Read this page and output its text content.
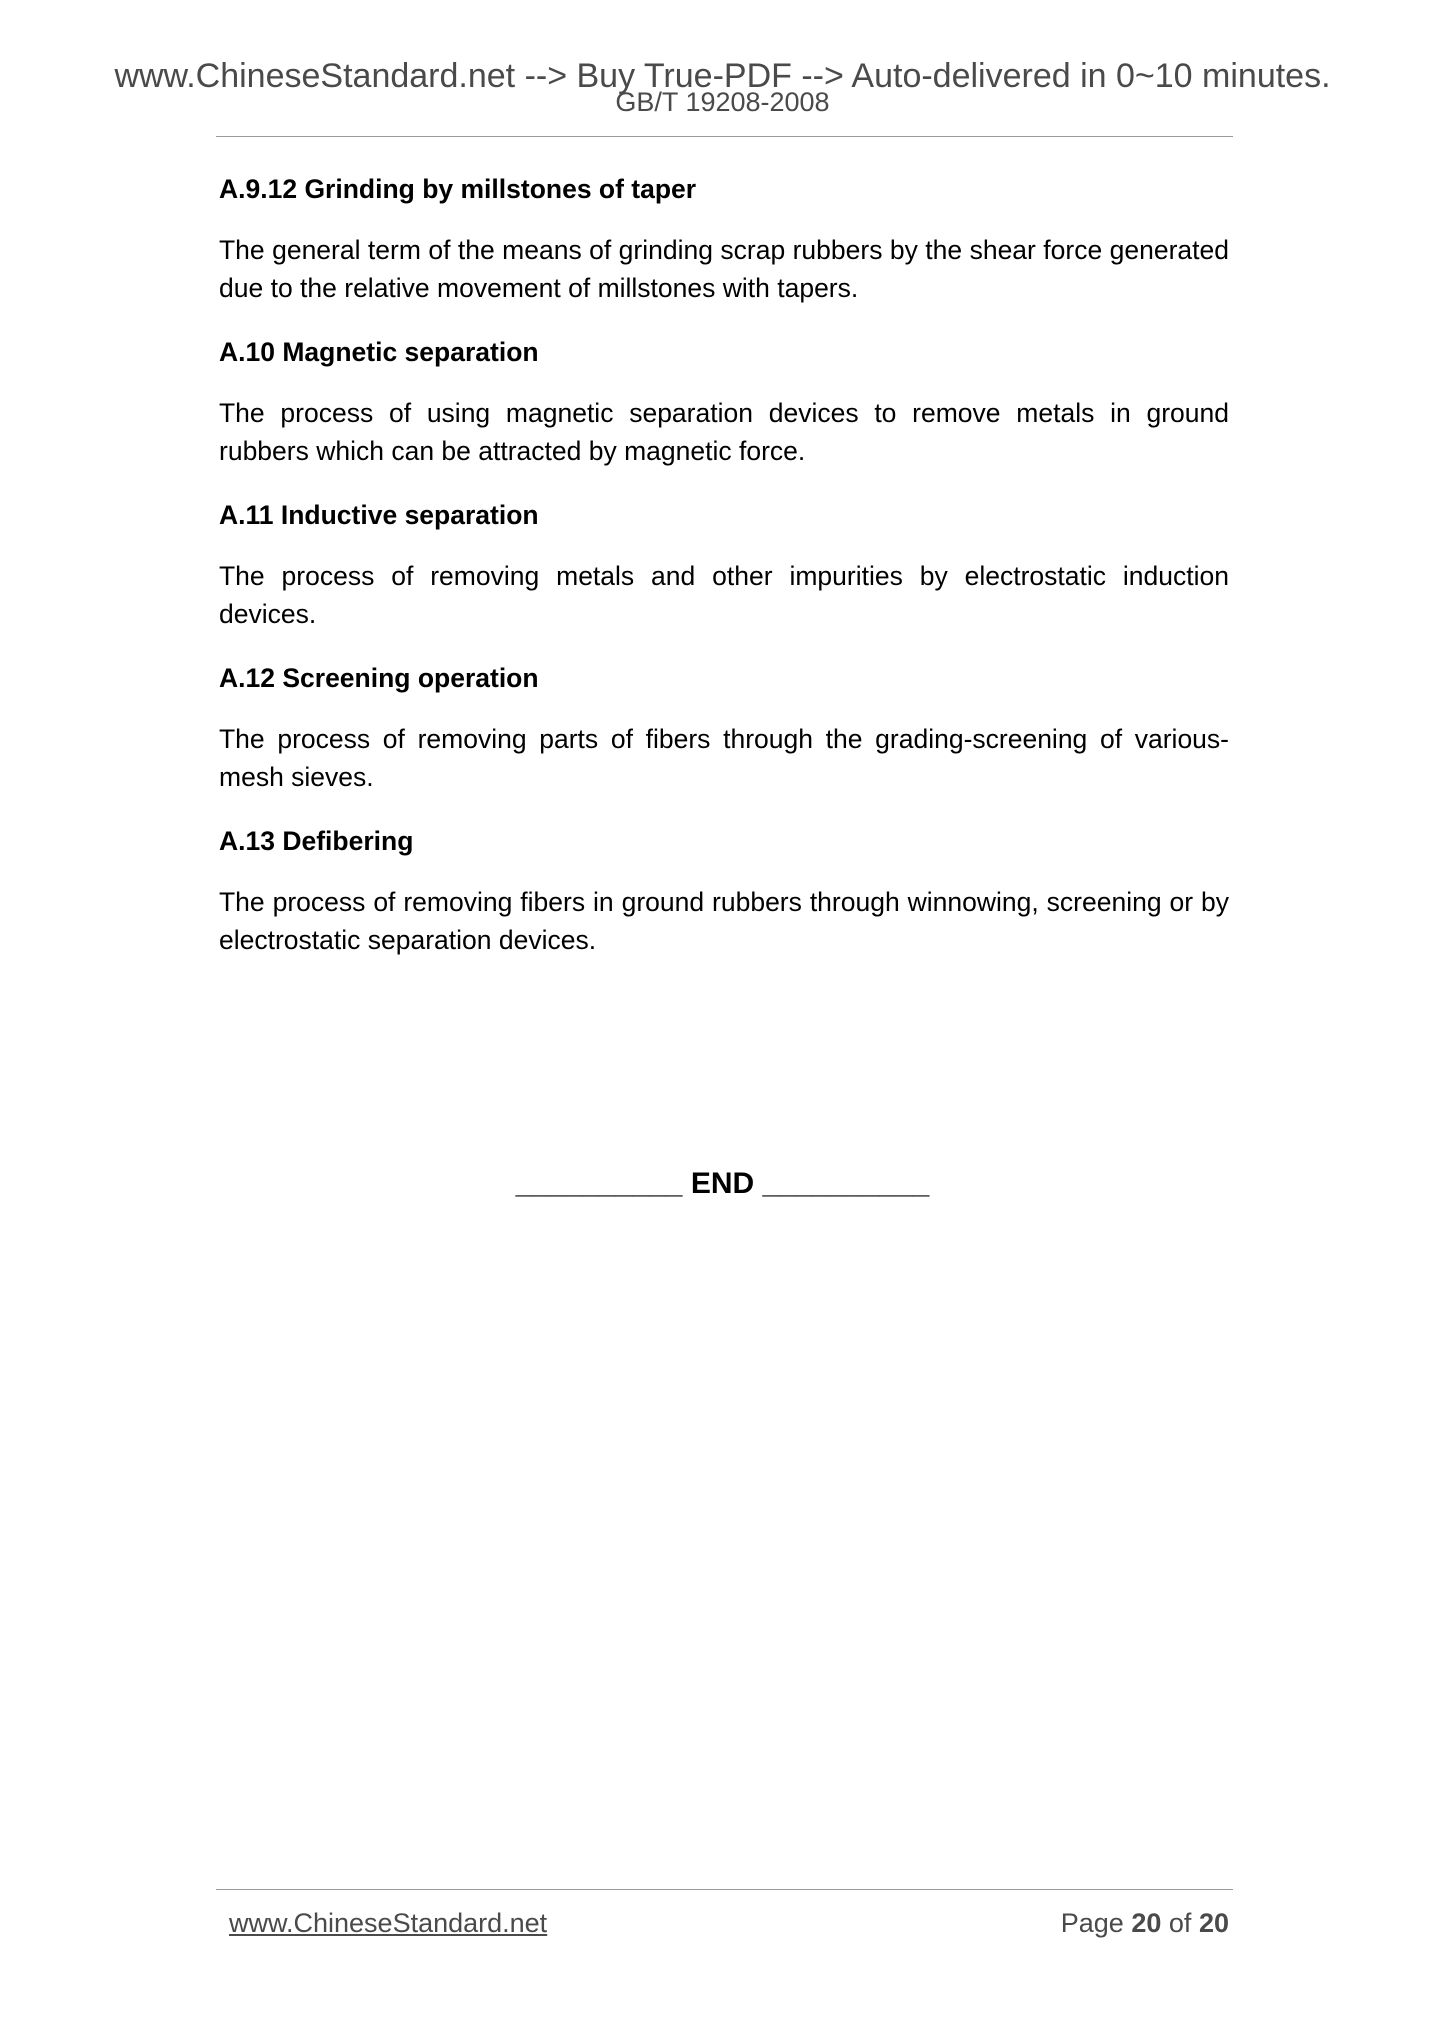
www.ChineseStandard.net --> Buy True-PDF --> Auto-delivered in 0~10 minutes.
GB/T 19208-2008
A.9.12 Grinding by millstones of taper
The general term of the means of grinding scrap rubbers by the shear force generated due to the relative movement of millstones with tapers.
A.10 Magnetic separation
The process of using magnetic separation devices to remove metals in ground rubbers which can be attracted by magnetic force.
A.11 Inductive separation
The process of removing metals and other impurities by electrostatic induction devices.
A.12 Screening operation
The process of removing parts of fibers through the grading-screening of various-mesh sieves.
A.13 Defibering
The process of removing fibers in ground rubbers through winnowing, screening or by electrostatic separation devices.
__________ END __________
www.ChineseStandard.net	Page 20 of 20
